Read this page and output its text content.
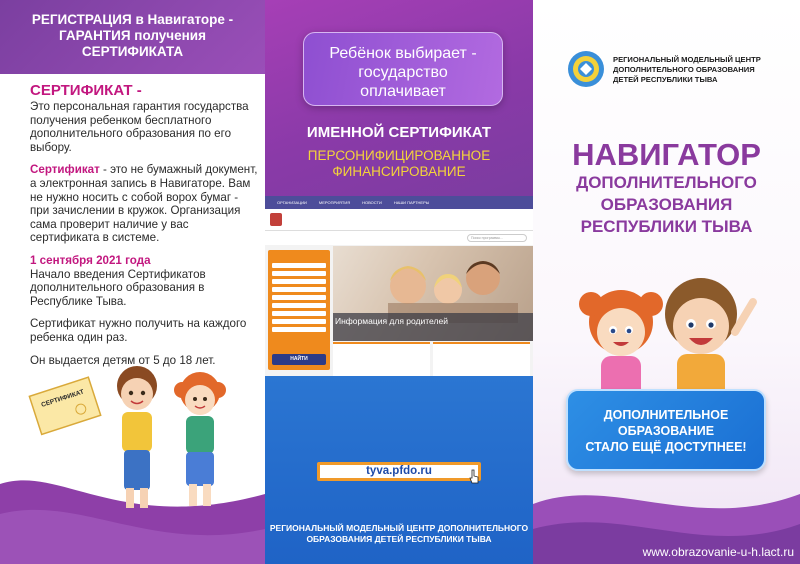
РЕГИСТРАЦИЯ в Навигаторе -
ГАРАНТИЯ получения
СЕРТИФИКАТА
СЕРТИФИКАТ -
Это персональная гарантия государства получения ребенком бесплатного дополнительного образования по его выбору.
Сертификат - это не бумажный документ, а электронная запись в Навигаторе. Вам не нужно носить с собой ворох бумаг - при зачислении в кружок. Организация сама проверит наличие у вас сертификата в системе.
1 сентября 2021 года
Начало введения Сертификатов дополнительного образования в Республике Тыва.
Сертификат нужно получить на каждого ребенка один раз.
Он выдается детям от 5 до 18 лет.
СЕРТИФИКАТ
Ребёнок выбирает -
государство
оплачивает
ИМЕННОЙ СЕРТИФИКАТ
ПЕРСОНИФИЦИРОВАННОЕ
ФИНАНСИРОВАНИЕ
ОРГАНИЗАЦИИ	МЕРОПРИЯТИЯ	НОВОСТИ	НАШИ ПАРТНЕРЫ
Поиск программы...
НАЙТИ
Информация для родителей
tyva.pfdo.ru
РЕГИОНАЛЬНЫЙ МОДЕЛЬНЫЙ ЦЕНТР ДОПОЛНИТЕЛЬНОГО
ОБРАЗОВАНИЯ ДЕТЕЙ РЕСПУБЛИКИ ТЫВА
РЕГИОНАЛЬНЫЙ МОДЕЛЬНЫЙ ЦЕНТР
ДОПОЛНИТЕЛЬНОГО ОБРАЗОВАНИЯ
ДЕТЕЙ РЕСПУБЛИКИ ТЫВА
НАВИГАТОР
ДОПОЛНИТЕЛЬНОГО
ОБРАЗОВАНИЯ
РЕСПУБЛИКИ ТЫВА
ДОПОЛНИТЕЛЬНОЕ
ОБРАЗОВАНИЕ
СТАЛО ЕЩЁ ДОСТУПНЕЕ!
www.obrazovanie-u-h.lact.ru
